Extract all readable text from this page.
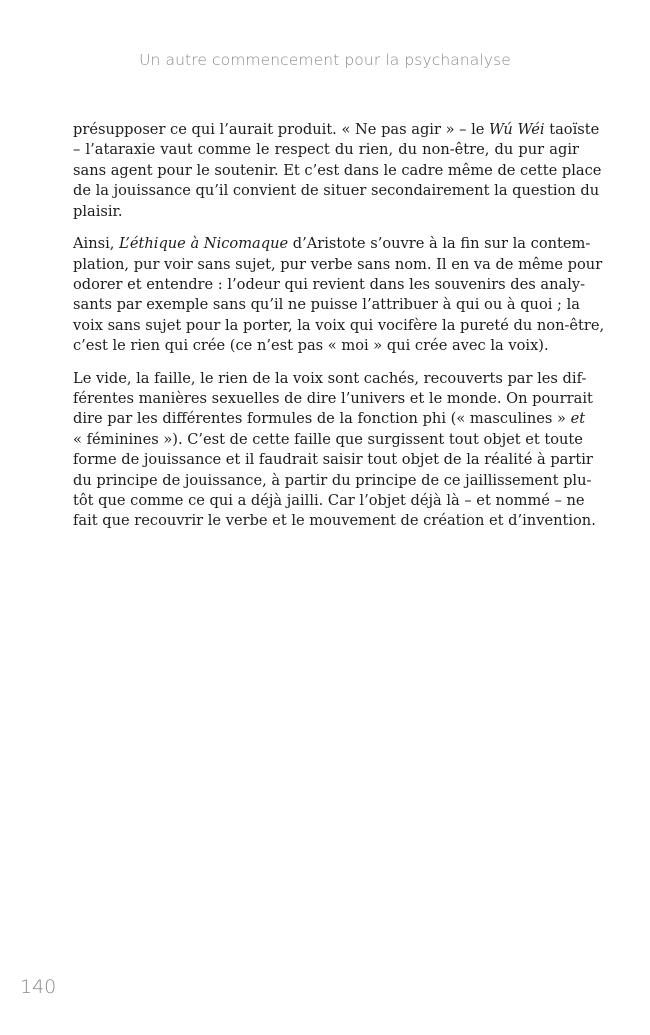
Un autre commencement pour la psychanalyse
présupposer ce qui l’aurait produit. « Ne pas agir » – le Wú Wéi taoïste
– l’ataraxie vaut comme le respect du rien, du non-être, du pur agir
sans agent pour le soutenir. Et c’est dans le cadre même de cette place
de la jouissance qu’il convient de situer secondairement la question du
plaisir.
Ainsi, L’éthique à Nicomaque d’Aristote s’ouvre à la fin sur la contem-
plation, pur voir sans sujet, pur verbe sans nom. Il en va de même pour
odorer et entendre : l’odeur qui revient dans les souvenirs des analy-
sants par exemple sans qu’il ne puisse l’attribuer à qui ou à quoi ; la
voix sans sujet pour la porter, la voix qui vocifère la pureté du non-être,
c’est le rien qui crée (ce n’est pas « moi » qui crée avec la voix).
Le vide, la faille, le rien de la voix sont cachés, recouverts par les dif-
férentes manières sexuelles de dire l’univers et le monde. On pourrait
dire par les différentes formules de la fonction phi (« masculines » et
« féminines »). C’est de cette faille que surgissent tout objet et toute
forme de jouissance et il faudrait saisir tout objet de la réalité à partir
du principe de jouissance, à partir du principe de ce jaillissement plu-
tôt que comme ce qui a déjà jailli. Car l’objet déjà là – et nommé – ne
fait que recouvrir le verbe et le mouvement de création et d’invention.
140
